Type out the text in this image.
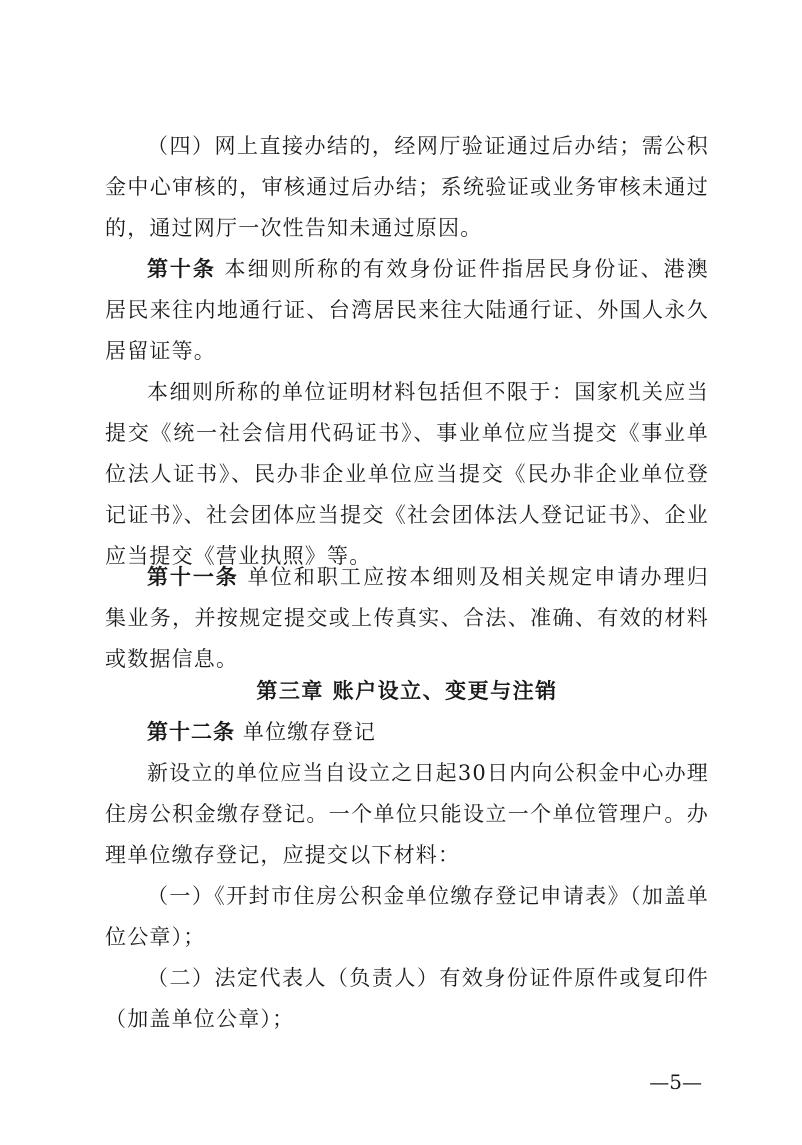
（四）网上直接办结的，经网厅验证通过后办结；需公积金中心审核的，审核通过后办结；系统验证或业务审核未通过的，通过网厅一次性告知未通过原因。

第十条 本细则所称的有效身份证件指居民身份证、港澳居民来往内地通行证、台湾居民来往大陆通行证、外国人永久居留证等。

本细则所称的单位证明材料包括但不限于：国家机关应当提交《统一社会信用代码证书》、事业单位应当提交《事业单位法人证书》、民办非企业单位应当提交《民办非企业单位登记证书》、社会团体应当提交《社会团体法人登记证书》、企业应当提交《营业执照》等。

第十一条 单位和职工应按本细则及相关规定申请办理归集业务，并按规定提交或上传真实、合法、准确、有效的材料或数据信息。

第三章 账户设立、变更与注销

第十二条 单位缴存登记

新设立的单位应当自设立之日起30日内向公积金中心办理住房公积金缴存登记。一个单位只能设立一个单位管理户。办理单位缴存登记，应提交以下材料：

（一）《开封市住房公积金单位缴存登记申请表》（加盖单位公章）；

（二）法定代表人（负责人）有效身份证件原件或复印件（加盖单位公章）；

—5—
